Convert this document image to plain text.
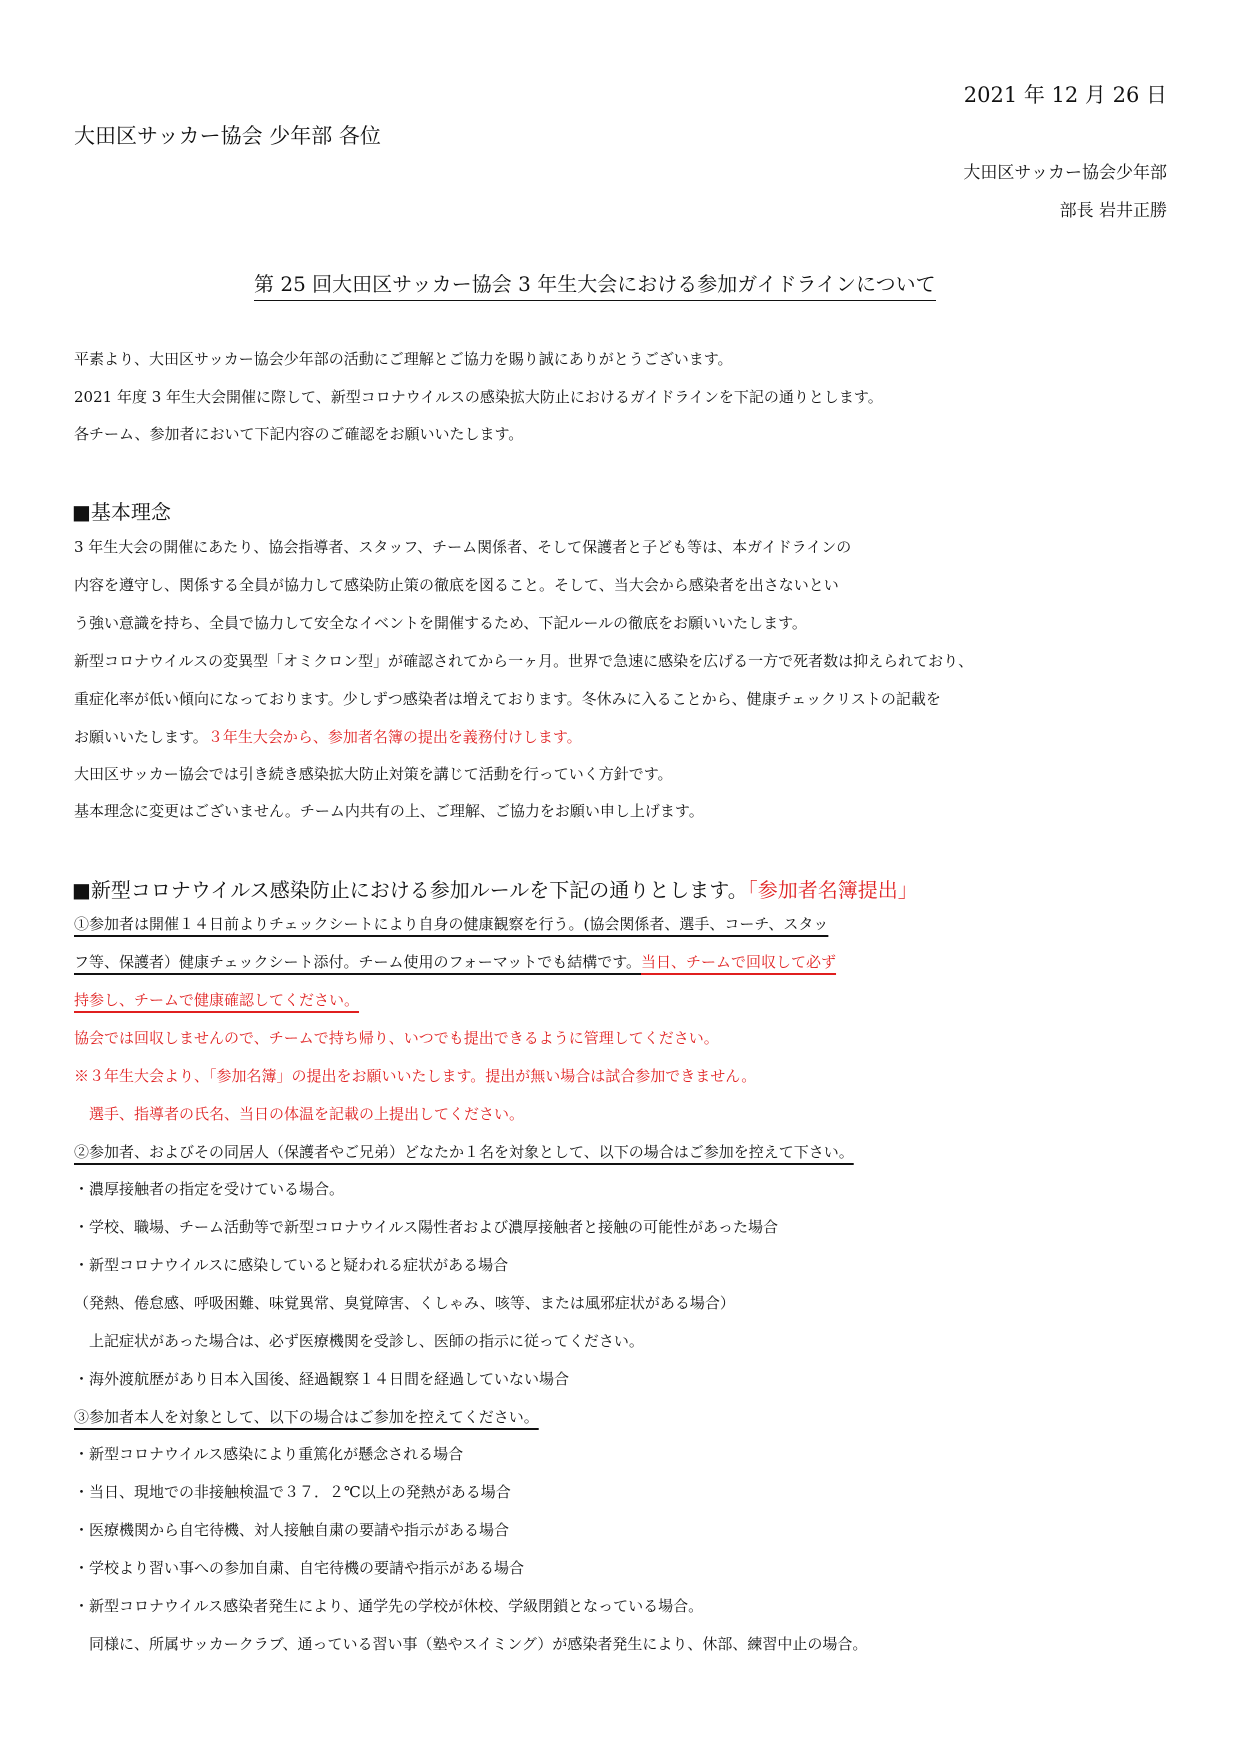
2021 年 12 月 26 日
大田区サッカー協会 少年部 各位
大田区サッカー協会少年部
部長 岩井正勝
第 25 回大田区サッカー協会 3 年生大会における参加ガイドラインについて
平素より、大田区サッカー協会少年部の活動にご理解とご協力を賜り誠にありがとうございます。
2021 年度 3 年生大会開催に際して、新型コロナウイルスの感染拡大防止におけるガイドラインを下記の通りとします。
各チーム、参加者において下記内容のご確認をお願いいたします。
■基本理念
3 年生大会の開催にあたり、協会指導者、スタッフ、チーム関係者、そして保護者と子ども等は、本ガイドラインの
内容を遵守し、関係する全員が協力して感染防止策の徹底を図ること。そして、当大会から感染者を出さないとい
う強い意識を持ち、全員で協力して安全なイベントを開催するため、下記ルールの徹底をお願いいたします。
新型コロナウイルスの変異型「オミクロン型」が確認されてから一ヶ月。世界で急速に感染を広げる一方で死者数は抑えられており、
重症化率が低い傾向になっております。少しずつ感染者は増えております。冬休みに入ることから、健康チェックリストの記載を
お願いいたします。３年生大会から、参加者名簿の提出を義務付けします。
大田区サッカー協会では引き続き感染拡大防止対策を講じて活動を行っていく方針です。
基本理念に変更はございません。チーム内共有の上、ご理解、ご協力をお願い申し上げます。
■新型コロナウイルス感染防止における参加ルールを下記の通りとします。「参加者名簿提出」
①参加者は開催１４日前よりチェックシートにより自身の健康観察を行う。(協会関係者、選手、コーチ、スタッ
フ等、保護者）健康チェックシート添付。チーム使用のフォーマットでも結構です。当日、チームで回収して必ず
持参し、チームで健康確認してください。
協会では回収しませんので、チームで持ち帰り、いつでも提出できるように管理してください。
※３年生大会より、「参加名簿」の提出をお願いいたします。提出が無い場合は試合参加できません。
　選手、指導者の氏名、当日の体温を記載の上提出してください。
②参加者、およびその同居人（保護者やご兄弟）どなたか１名を対象として、以下の場合はご参加を控えて下さい。
・濃厚接触者の指定を受けている場合。
・学校、職場、チーム活動等で新型コロナウイルス陽性者および濃厚接触者と接触の可能性があった場合
・新型コロナウイルスに感染していると疑われる症状がある場合
（発熱、倦怠感、呼吸困難、味覚異常、臭覚障害、くしゃみ、咳等、または風邪症状がある場合）
　上記症状があった場合は、必ず医療機関を受診し、医師の指示に従ってください。
・海外渡航歴があり日本入国後、経過観察１４日間を経過していない場合
③参加者本人を対象として、以下の場合はご参加を控えてください。
・新型コロナウイルス感染により重篤化が懸念される場合
・当日、現地での非接触検温で３７．２℃以上の発熱がある場合
・医療機関から自宅待機、対人接触自粛の要請や指示がある場合
・学校より習い事への参加自粛、自宅待機の要請や指示がある場合
・新型コロナウイルス感染者発生により、通学先の学校が休校、学級閉鎖となっている場合。
　同様に、所属サッカークラブ、通っている習い事（塾やスイミング）が感染者発生により、休部、練習中止の場合。
